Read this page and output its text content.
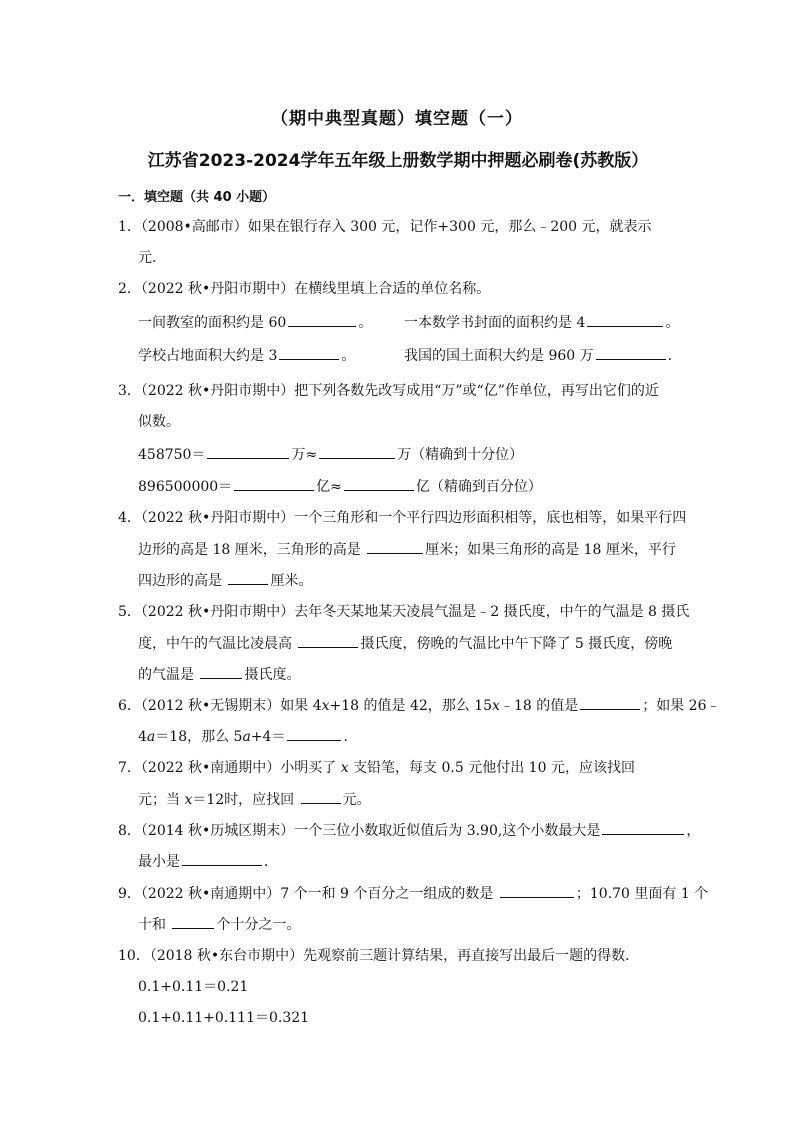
（期中典型真题）填空题（一）
江苏省2023-2024学年五年级上册数学期中押题必刷卷(苏教版）
一．填空题（共 40 小题）
1．（2008•高邮市）如果在银行存入 300 元，记作+300 元，那么﹣200 元，就表示
元．
2．（2022 秋•丹阳市期中）在横线里填上合适的单位名称。
一间教室的面积约是 60	。 一本数学书封面的面积约是 4	。
学校占地面积大约是 3	。	我国的国土面积大约是 960 万	.
3．（2022 秋•丹阳市期中）把下列各数先改写成用“万”或“亿”作单位，再写出它们的近
似数。
458750＝	万≈	万（精确到十分位）
896500000＝	亿≈	亿（精确到百分位）
4．（2022 秋•丹阳市期中）一个三角形和一个平行四边形面积相等，底也相等，如果平行四
边形的高是 18 厘米，三角形的高是	厘米；如果三角形的高是 18 厘米，平行
四边形的高是	厘米。
5．（2022 秋•丹阳市期中）去年冬天某地某天凌晨气温是﹣2 摄氏度，中午的气温是 8 摄氏
度，中午的气温比凌晨高	摄氏度，傍晚的气温比中午下降了 5 摄氏度，傍晚
的气温是	摄氏度。
6．（2012 秋•无锡期末）如果 4x+18 的值是 42，那么 15x﹣18 的值是	；如果 26﹣
4a＝18，那么 5a+4＝	．
7．（2022 秋•南通期中）小明买了 x 支铅笔，每支 0.5 元他付出 10 元，应该找回
元；当 x＝12时，应找回	元。
8．（2014 秋•历城区期末）一个三位小数取近似值后为 3.90,这个小数最大是	，
最小是	．
9．（2022 秋•南通期中）7 个一和 9 个百分之一组成的数是	；10.70 里面有 1 个
十和	个十分之一。
10．（2018 秋•东台市期中）先观察前三题计算结果，再直接写出最后一题的得数．
0.1+0.11＝0.21
0.1+0.11+0.111＝0.321
